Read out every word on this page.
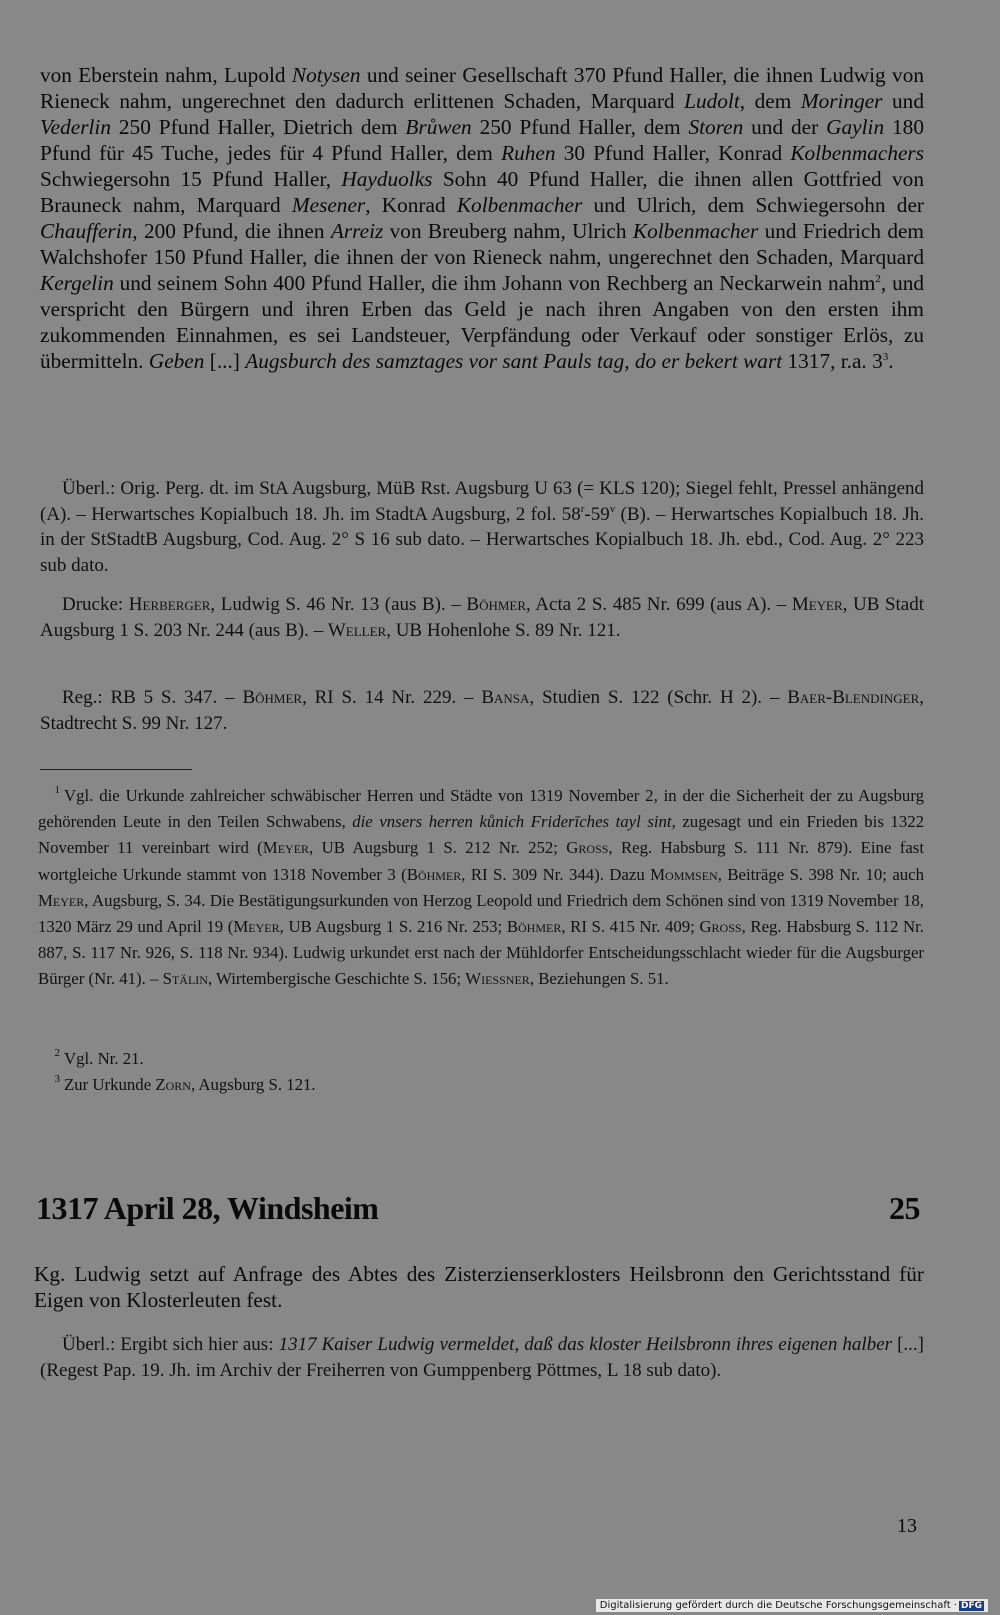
von Eberstein nahm, Lupold Notysen und seiner Gesellschaft 370 Pfund Haller, die ihnen Ludwig von Rieneck nahm, ungerechnet den dadurch erlittenen Schaden, Marquard Ludolt, dem Moringer und Vederlin 250 Pfund Haller, Dietrich dem Brůwen 250 Pfund Haller, dem Storen und der Gaylin 180 Pfund für 45 Tuche, jedes für 4 Pfund Haller, dem Ruhen 30 Pfund Haller, Konrad Kolbenmachers Schwiegersohn 15 Pfund Haller, Hayduolks Sohn 40 Pfund Haller, die ihnen allen Gottfried von Brauneck nahm, Marquard Mesener, Konrad Kolbenmacher und Ulrich, dem Schwiegersohn der Chaufferin, 200 Pfund, die ihnen Arreiz von Breuberg nahm, Ulrich Kolbenmacher und Friedrich dem Walchshofer 150 Pfund Haller, die ihnen der von Rieneck nahm, ungerechnet den Schaden, Marquard Kergelin und seinem Sohn 400 Pfund Haller, die ihm Johann von Rechberg an Neckarwein nahm$^2$, und verspricht den Bürgern und ihren Erben das Geld je nach ihren Angaben von den ersten ihm zukommenden Einnahmen, es sei Landsteuer, Verpfändung oder Verkauf oder sonstiger Erlös, zu übermitteln. Geben [...] Augsburch des samztages vor sant Pauls tag, do er bekert wart 1317, r.a. $3^3$.

Überl.: Orig. Perg. dt. im StA Augsburg, MüB Rst. Augsburg U 63 (= KLS 120); Siegel fehlt, Pressel anhängend (A). – Herwartsches Kopialbuch 18. Jh. im StadtA Augsburg, 2 fol. 58$^r$-59$^v$ (B). – Herwartsches Kopialbuch 18. Jh. in der StStadtB Augsburg, Cod. Aug. 2° S 16 sub dato. – Herwartsches Kopialbuch 18. Jh. ebd., Cod. Aug. 2° 223 sub dato.

Drucke: Herberger, Ludwig S. 46 Nr. 13 (aus B). – Böhmer, Acta 2 S. 485 Nr. 699 (aus A). – Meyer, UB Stadt Augsburg 1 S. 203 Nr. 244 (aus B). – Weller, UB Hohenlohe S. 89 Nr. 121.

Reg.: RB 5 S. 347. – Böhmer, RI S. 14 Nr. 229. – Bansa, Studien S. 122 (Schr. H 2). – Baer-Blendinger, Stadtrecht S. 99 Nr. 127.

$^1$ Vgl. die Urkunde zahlreicher schwäbischer Herren und Städte von 1319 November 2, in der die Sicherheit der zu Augsburg gehörenden Leute in den Teilen Schwabens, die vnsers herren kůnich Friderīches tayl sint, zugesagt und ein Frieden bis 1322 November 11 vereinbart wird (Meyer, UB Augsburg 1 S. 212 Nr. 252; Gross, Reg. Habsburg S. 111 Nr. 879). Eine fast wortgleiche Urkunde stammt von 1318 November 3 (Böhmer, RI S. 309 Nr. 344). Dazu Mommsen, Beiträge S. 398 Nr. 10; auch Meyer, Augsburg, S. 34. Die Bestätigungsurkunden von Herzog Leopold und Friedrich dem Schönen sind von 1319 November 18, 1320 März 29 und April 19 (Meyer, UB Augsburg 1 S. 216 Nr. 253; Böhmer, RI S. 415 Nr. 409; Gross, Reg. Habsburg S. 112 Nr. 887, S. 117 Nr. 926, S. 118 Nr. 934). Ludwig urkundet erst nach der Mühldorfer Entscheidungsschlacht wieder für die Augsburger Bürger (Nr. 41). – Stälin, Wirtembergische Geschichte S. 156; Wiessner, Beziehungen S. 51.

$^2$ Vgl. Nr. 21.

$^3$ Zur Urkunde Zorn, Augsburg S. 121.

1317 April 28, Windsheim	25

Kg. Ludwig setzt auf Anfrage des Abtes des Zisterzienserklosters Heilsbronn den Gerichtsstand für Eigen von Klosterleuten fest.

Überl.: Ergibt sich hier aus: 1317 Kaiser Ludwig vermeldet, daß das kloster Heilsbronn ihres eigenen halber [...] (Regest Pap. 19. Jh. im Archiv der Freiherren von Gumppenberg Pöttmes, L 18 sub dato).

13
Digitalisierung gefördert durch die Deutsche Forschungsgemeinschaft · DFG
